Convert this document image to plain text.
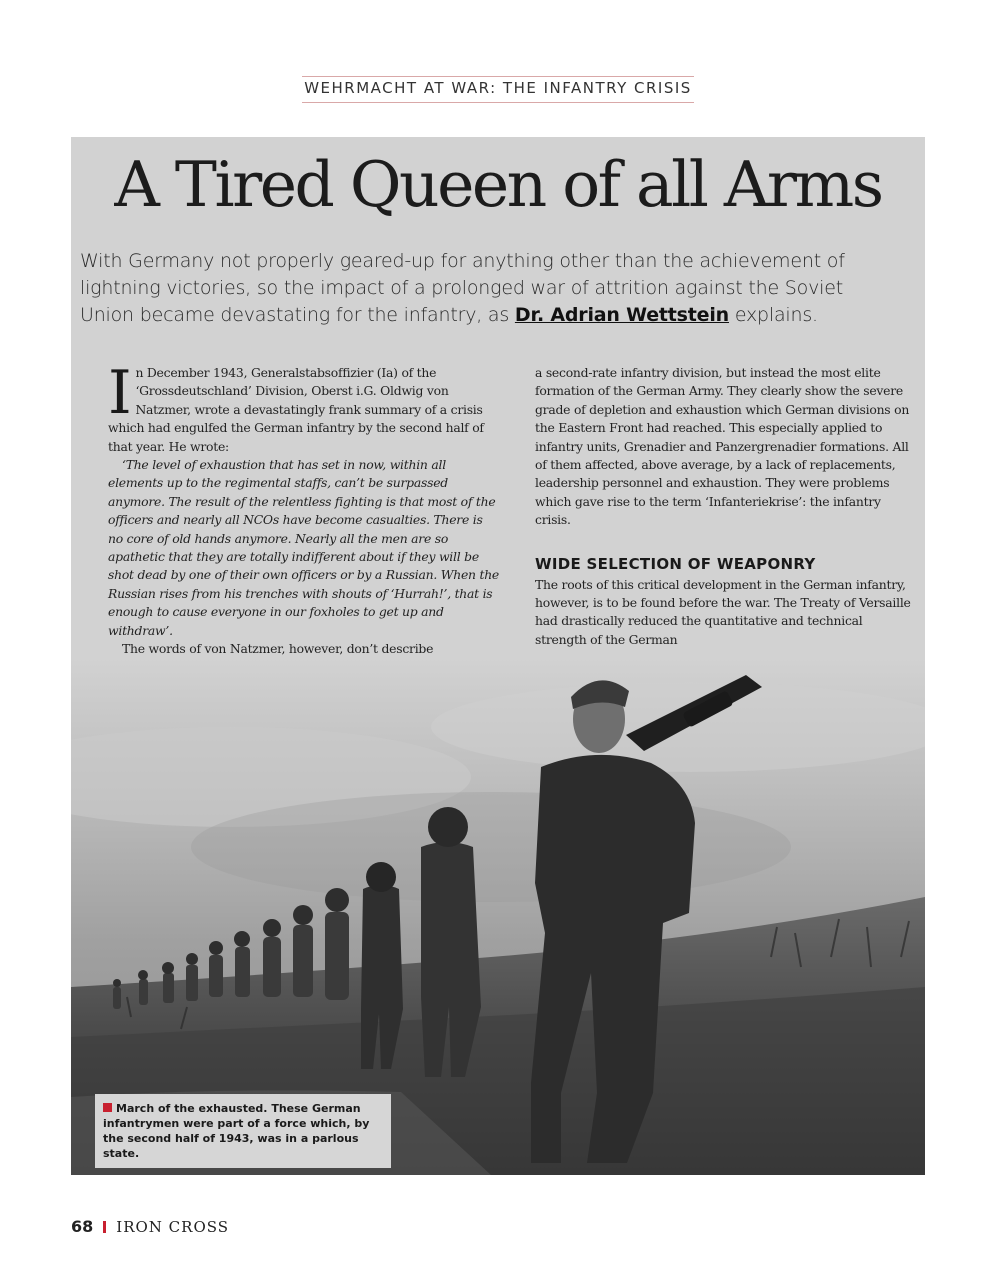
WEHRMACHT AT WAR: THE INFANTRY CRISIS
A Tired Queen of all Arms

With Germany not properly geared-up for anything other than the achievement of lightning victories, so the impact of a prolonged war of attrition against the Soviet Union became devastating for the infantry, as Dr. Adrian Wettstein explains.

In December 1943, Generalstabsoffizier (Ia) of the ‘Grossdeutschland’ Division, Oberst i.G. Oldwig von Natzmer, wrote a devastatingly frank summary of a crisis which had engulfed the German infantry by the second half of that year. He wrote:

‘The level of exhaustion that has set in now, within all elements up to the regimental staffs, can’t be surpassed anymore. The result of the relentless fighting is that most of the officers and nearly all NCOs have become casualties. There is no core of old hands anymore. Nearly all the men are so apathetic that they are totally indifferent about if they will be shot dead by one of their own officers or by a Russian. When the Russian rises from his trenches with shouts of ‘Hurrah!’, that is enough to cause everyone in our foxholes to get up and withdraw’.

The words of von Natzmer, however, don’t describe

a second-rate infantry division, but instead the most elite formation of the German Army. They clearly show the severe grade of depletion and exhaustion which German divisions on the Eastern Front had reached. This especially applied to infantry units, Grenadier and Panzergrenadier formations. All of them affected, above average, by a lack of replacements, leadership personnel and exhaustion. They were problems which gave rise to the term ‘Infanteriekrise’: the infantry crisis.

WIDE SELECTION OF WEAPONRY

The roots of this critical development in the German infantry, however, is to be found before the war. The Treaty of Versaille had drastically reduced the quantitative and technical strength of the German

March of the exhausted. These German infantrymen were part of a force which, by the second half of 1943, was in a parlous state.
68 IRON CROSS
